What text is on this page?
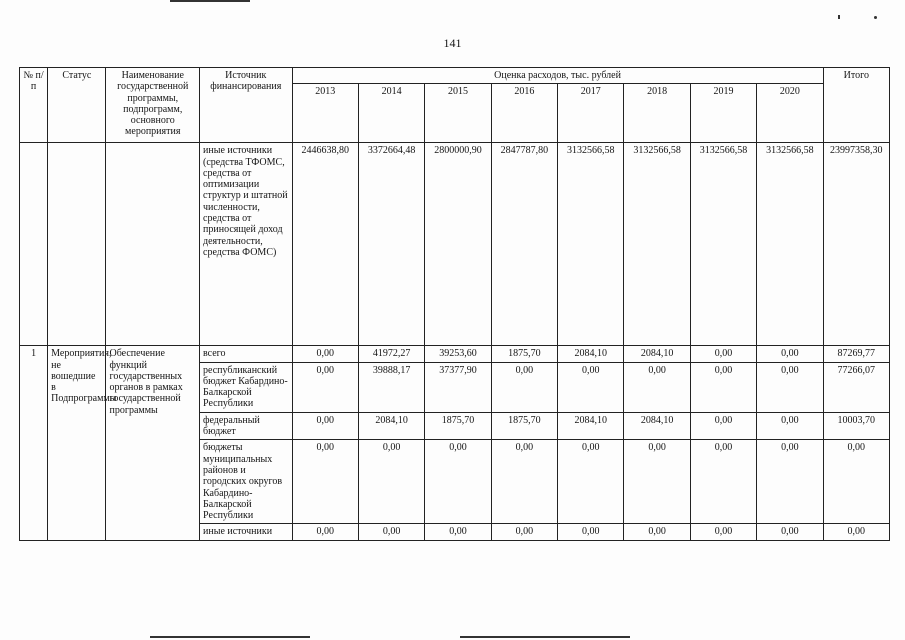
141
№ п/п	Статус	Наименование государственной программы, подпрограмм, основного мероприятия	Источник финансирования	Оценка расходов, тыс. рублей								Итого
				2013	2014	2015	2016	2017	2018	2019	2020	
			иные источники (средства ТФОМС, средства от оптимизации структур и штатной численности, средства от приносящей доход деятельности, средства ФОМС)	2446638,80	3372664,48	2800000,90	2847787,80	3132566,58	3132566,58	3132566,58	3132566,58	23997358,30
1	Мероприятия, не вошедшие в Подпрограммы	Обеспечение функций государственных органов в рамках государственной программы	всего	0,00	41972,27	39253,60	1875,70	2084,10	2084,10	0,00	0,00	87269,77
			республиканский бюджет Кабардино-Балкарской Республики	0,00	39888,17	37377,90	0,00	0,00	0,00	0,00	0,00	77266,07
			федеральный бюджет	0,00	2084,10	1875,70	1875,70	2084,10	2084,10	0,00	0,00	10003,70
			бюджеты муниципальных районов и городских округов Кабардино-Балкарской Республики	0,00	0,00	0,00	0,00	0,00	0,00	0,00	0,00	0,00
			иные источники	0,00	0,00	0,00	0,00	0,00	0,00	0,00	0,00	0,00
